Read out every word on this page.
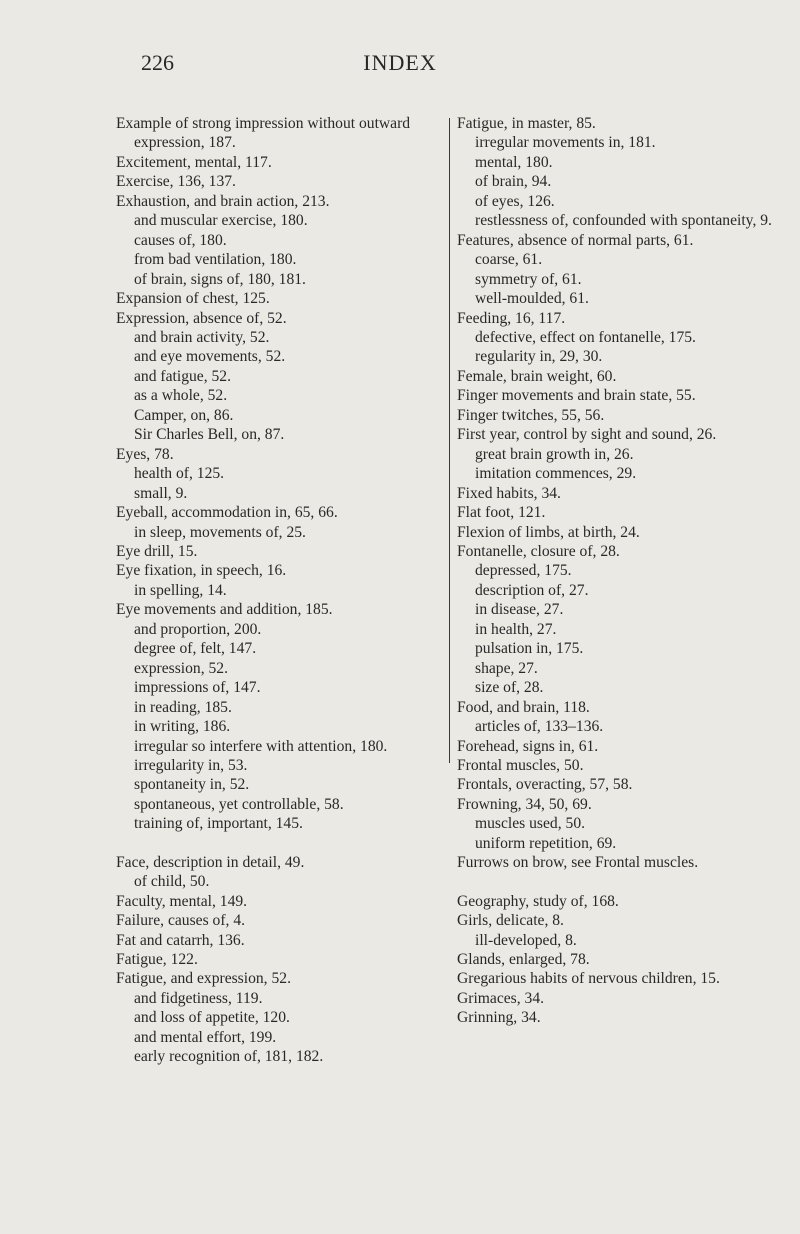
226	INDEX

Example of strong impression without outward expression, 187.

Excitement, mental, 117.

Exercise, 136, 137.

Exhaustion, and brain action, 213.

and muscular exercise, 180.

causes of, 180.

from bad ventilation, 180.

of brain, signs of, 180, 181.

Expansion of chest, 125.

Expression, absence of, 52.

and brain activity, 52.

and eye movements, 52.

and fatigue, 52.

as a whole, 52.

Camper, on, 86.

Sir Charles Bell, on, 87.

Eyes, 78.

health of, 125.

small, 9.

Eyeball, accommodation in, 65, 66.

in sleep, movements of, 25.

Eye drill, 15.

Eye fixation, in speech, 16.

in spelling, 14.

Eye movements and addition, 185.

and proportion, 200.

degree of, felt, 147.

expression, 52.

impressions of, 147.

in reading, 185.

in writing, 186.

irregular so interfere with attention, 180.

irregularity in, 53.

spontaneity in, 52.

spontaneous, yet controllable, 58.

training of, important, 145.

Face, description in detail, 49.

of child, 50.

Faculty, mental, 149.

Failure, causes of, 4.

Fat and catarrh, 136.

Fatigue, 122.

Fatigue, and expression, 52.

and fidgetiness, 119.

and loss of appetite, 120.

and mental effort, 199.

early recognition of, 181, 182.

Fatigue, in master, 85.

irregular movements in, 181.

mental, 180.

of brain, 94.

of eyes, 126.

restlessness of, confounded with spontaneity, 9.

Features, absence of normal parts, 61.

coarse, 61.

symmetry of, 61.

well-moulded, 61.

Feeding, 16, 117.

defective, effect on fontanelle, 175.

regularity in, 29, 30.

Female, brain weight, 60.

Finger movements and brain state, 55.

Finger twitches, 55, 56.

First year, control by sight and sound, 26.

great brain growth in, 26.

imitation commences, 29.

Fixed habits, 34.

Flat foot, 121.

Flexion of limbs, at birth, 24.

Fontanelle, closure of, 28.

depressed, 175.

description of, 27.

in disease, 27.

in health, 27.

pulsation in, 175.

shape, 27.

size of, 28.

Food, and brain, 118.

articles of, 133–136.

Forehead, signs in, 61.

Frontal muscles, 50.

Frontals, overacting, 57, 58.

Frowning, 34, 50, 69.

muscles used, 50.

uniform repetition, 69.

Furrows on brow, see Frontal muscles.

Geography, study of, 168.

Girls, delicate, 8.

ill-developed, 8.

Glands, enlarged, 78.

Gregarious habits of nervous children, 15.

Grimaces, 34.

Grinning, 34.
